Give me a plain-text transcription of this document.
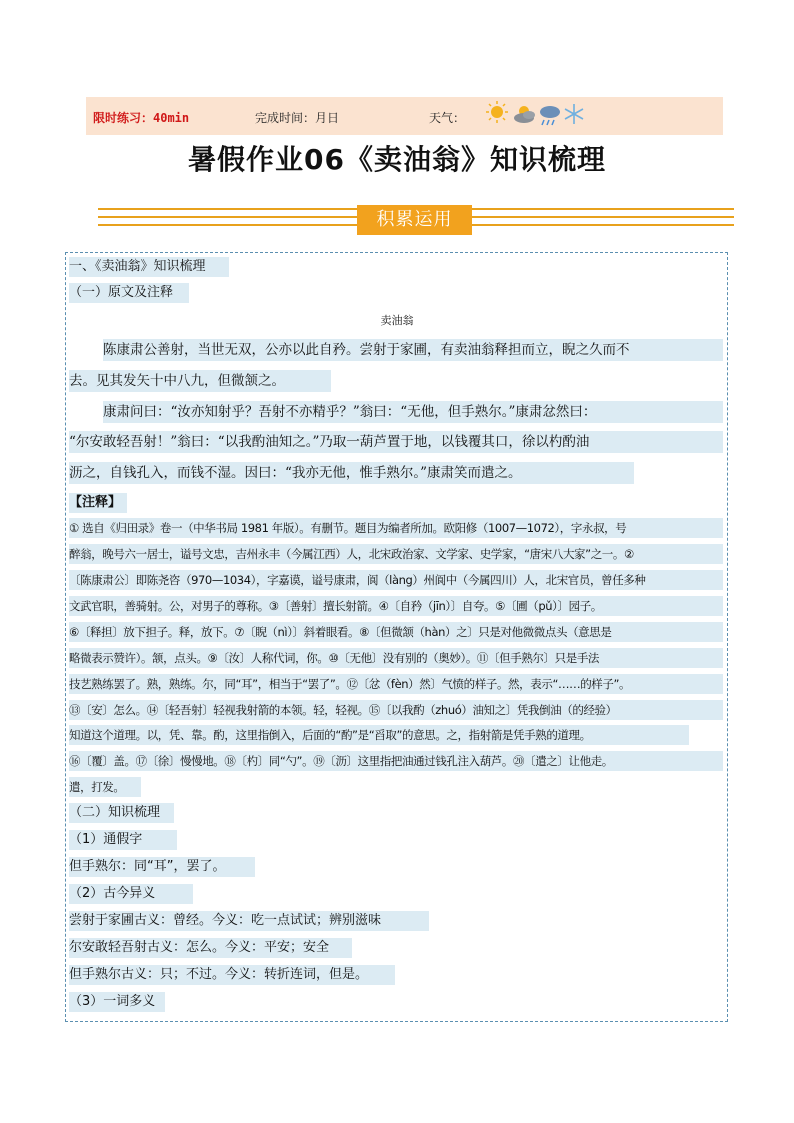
限时练习：40min	完成时间：月日	天气：
暑假作业06《卖油翁》知识梳理
积累运用
一、《卖油翁》知识梳理
（一）原文及注释
卖油翁
陈康肃公善射，当世无双，公亦以此自矜。尝射于家圃，有卖油翁释担而立，睨之久而不
去。见其发矢十中八九，但微颔之。
康肃问曰：“汝亦知射乎？吾射不亦精乎？”翁曰：“无他，但手熟尔。”康肃忿然曰：
“尔安敢轻吾射！”翁曰：“以我酌油知之。”乃取一葫芦置于地，以钱覆其口，徐以杓酌油
沥之，自钱孔入，而钱不湿。因曰：“我亦无他，惟手熟尔。”康肃笑而遣之。
【注释】
① 选自《归田录》卷一（中华书局 1981 年版）。有删节。题目为编者所加。欧阳修（1007—1072），字永叔，号
醉翁，晚号六一居士，谥号文忠，吉州永丰（今属江西）人，北宋政治家、文学家、史学家，“唐宋八大家”之一。②
〔陈康肃公〕即陈尧咨（970—1034），字嘉谟，谥号康肃，阆（làng）州阆中（今属四川）人，北宋官员，曾任多种
文武官职，善骑射。公，对男子的尊称。③〔善射〕擅长射箭。④〔自矜（jīn）〕自夸。⑤〔圃（pǔ）〕园子。
⑥〔释担〕放下担子。释，放下。⑦〔睨（nì）〕斜着眼看。⑧〔但微颔（hàn）之〕只是对他微微点头（意思是
略微表示赞许）。颔，点头。⑨〔汝〕人称代词，你。⑩〔无他〕没有别的（奥妙）。⑪〔但手熟尔〕只是手法
技艺熟练罢了。熟，熟练。尔，同“耳”，相当于“罢了”。⑫〔忿（fèn）然〕气愤的样子。然，表示“……的样子”。
⑬〔安〕怎么。⑭〔轻吾射〕轻视我射箭的本领。轻，轻视。⑮〔以我酌（zhuó）油知之〕凭我倒油（的经验）
知道这个道理。以，凭、靠。酌，这里指倒入，后面的“酌”是“舀取”的意思。之，指射箭是凭手熟的道理。
⑯〔覆〕盖。⑰〔徐〕慢慢地。⑱〔杓〕同“勺”。⑲〔沥〕这里指把油通过钱孔注入葫芦。⑳〔遣之〕让他走。
遣，打发。
（二）知识梳理
（1）通假字
但手熟尔：同“耳”，罢了。
（2）古今异义
尝射于家圃古义：曾经。今义：吃一点试试；辨别滋味
尔安敢轻吾射古义：怎么。今义：平安；安全
但手熟尔古义：只；不过。今义：转折连词，但是。
（3）一词多义
